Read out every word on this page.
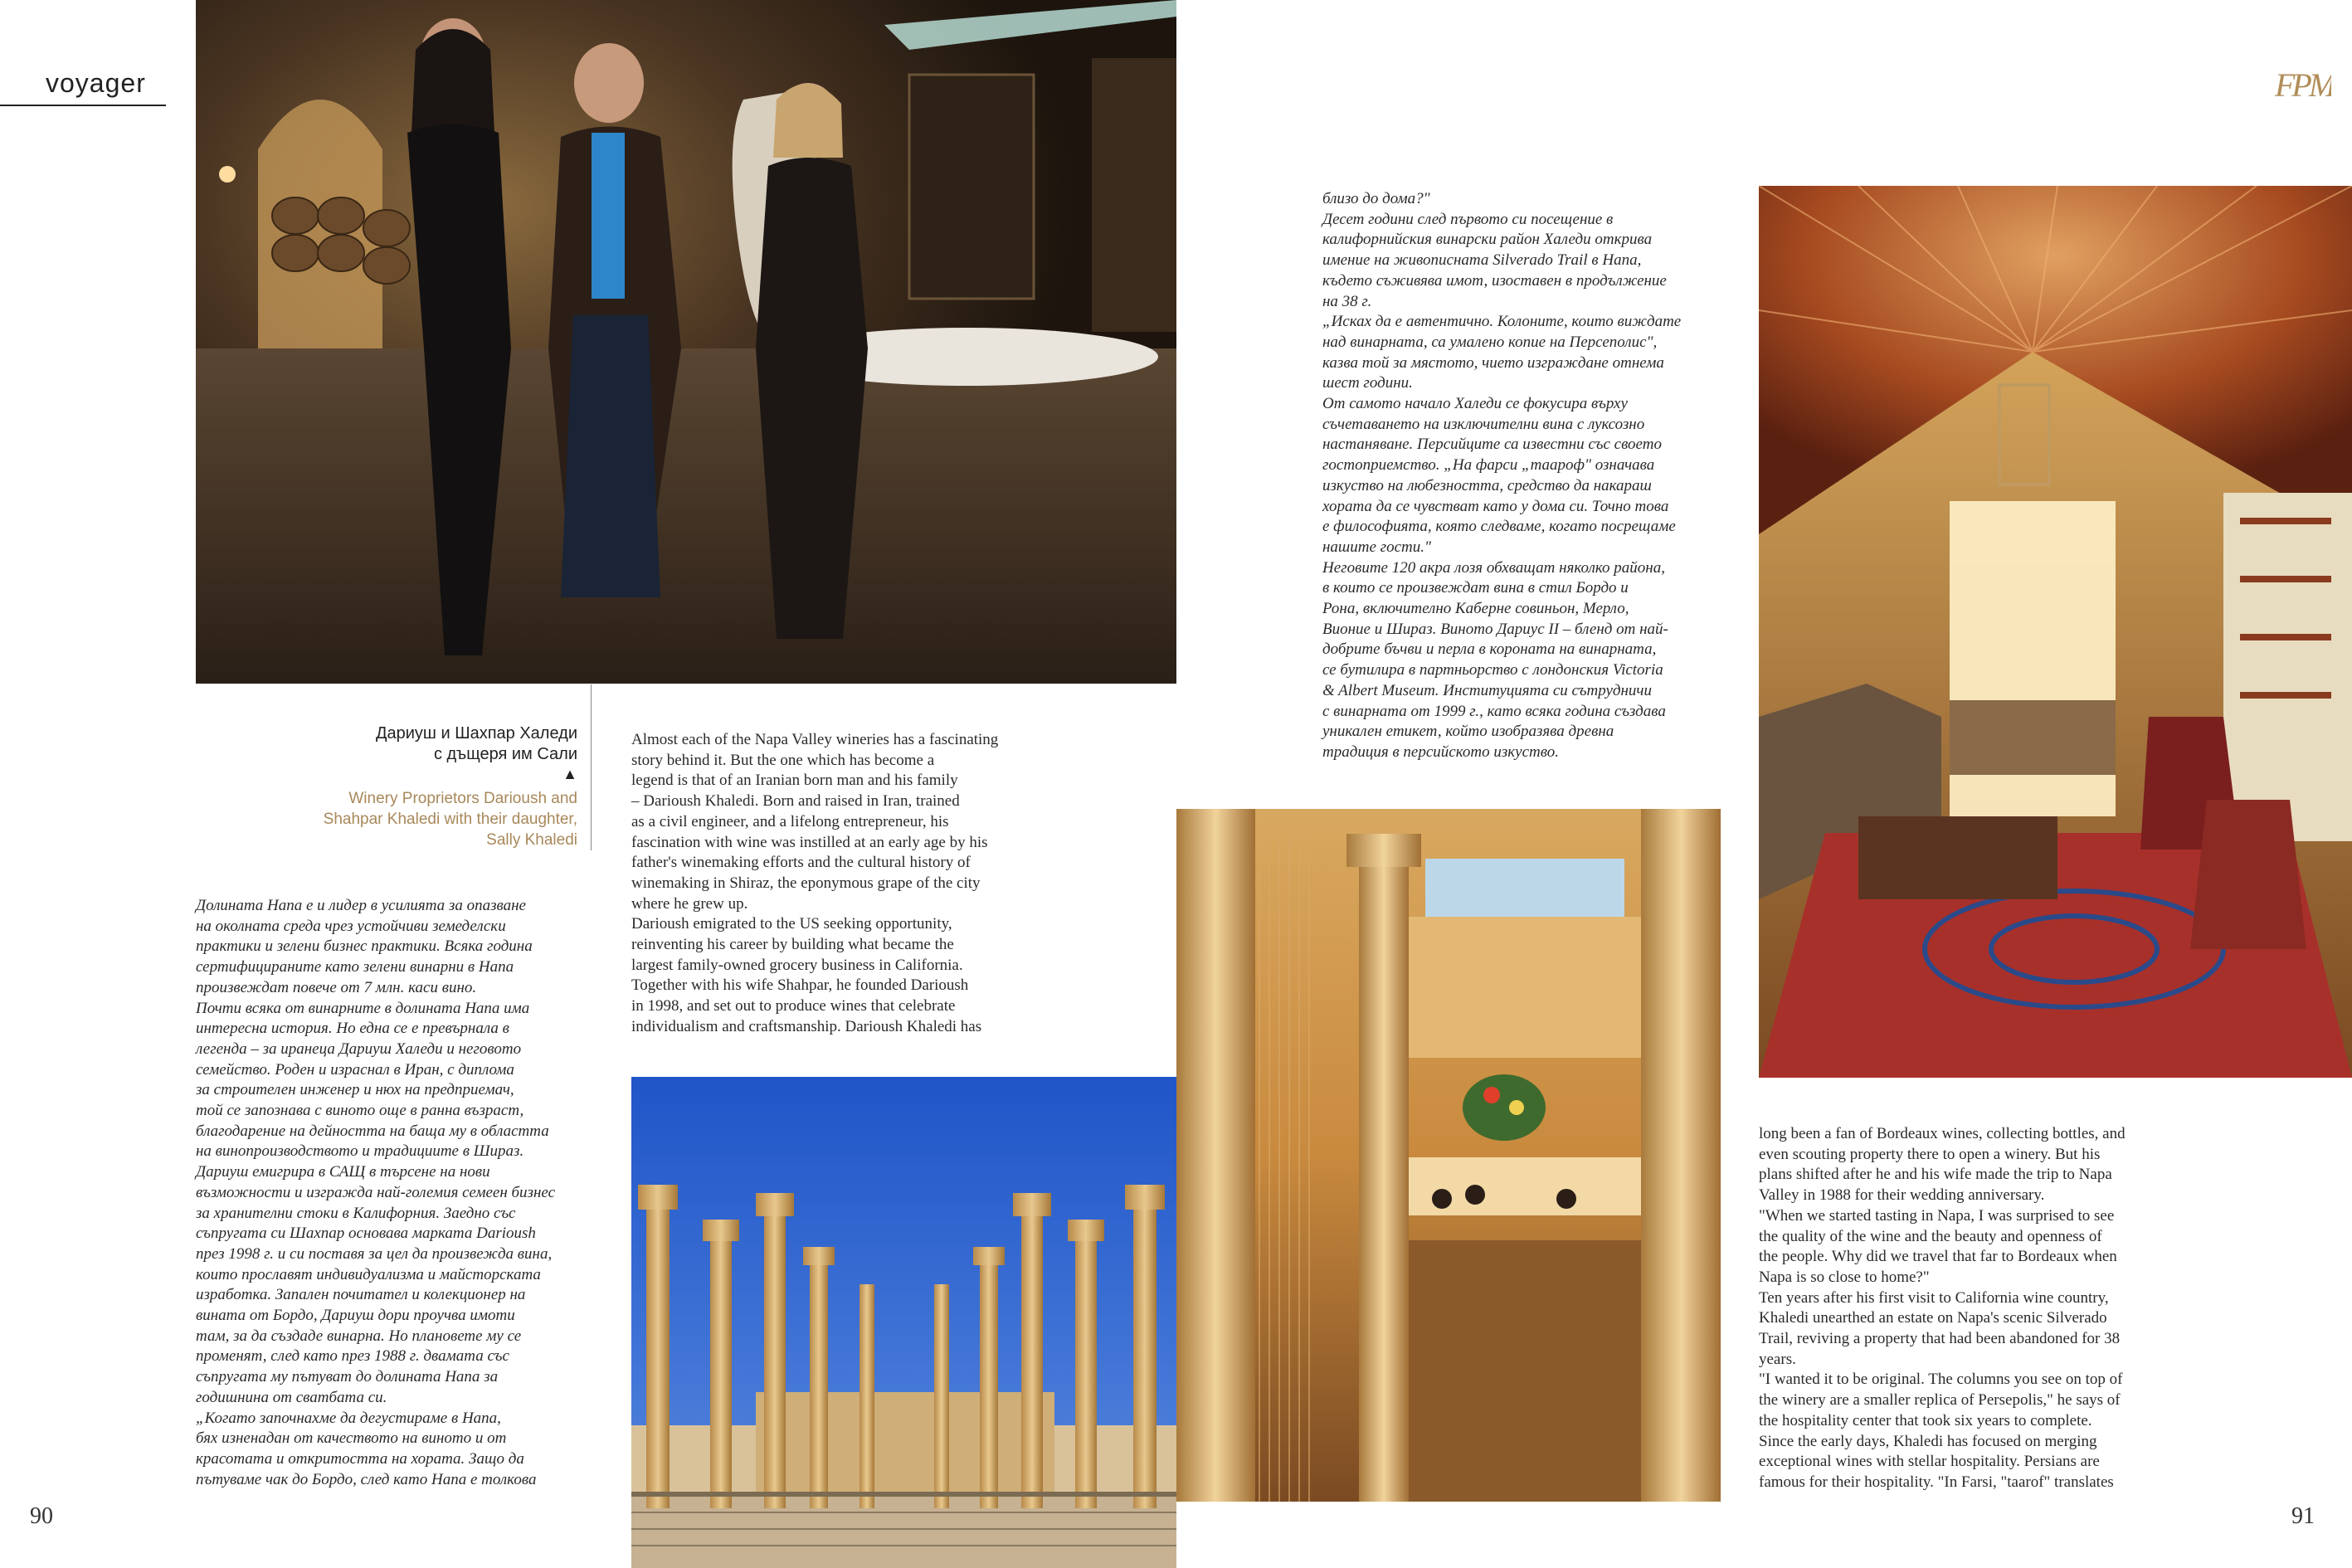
voyager	FPM
Дариуш и Шахпар Халеди
с дъщеря им Сали
▲
Winery Proprietors Darioush and
Shahpar Khaledi with their daughter,
Sally Khaledi

Долината Напа е и лидер в усилията за опазване

на околната среда чрез устойчиви земеделски

практики и зелени бизнес практики. Всяка година

сертифицираните като зелени винарни в Напа

произвеждат повече от 7 млн. каси вино.

Почти всяка от винарните в долината Напа има

интересна история. Но една се е превърнала в

легенда – за иранеца Дариуш Халеди и неговото

семейство. Роден и израснал в Иран, с диплома

за строителен инженер и нюх на предприемач,

той се запознава с виното още в ранна възраст,

благодарение на дейността на баща му в областта

на винопроизводството и традициите в Шираз.

Дариуш емигрира в САЩ в търсене на нови

възможности и изгражда най-големия семеен бизнес

за хранителни стоки в Калифорния. Заедно със

съпругата си Шахпар основава марката Darioush

през 1998 г. и си поставя за цел да произвежда вина,

които прославят индивидуализма и майсторската

изработка. Запален почитател и колекционер на

вината от Бордо, Дариуш дори проучва имоти

там, за да създаде винарна. Но плановете му се

променят, след като през 1988 г. двамата със

съпругата му пътуват до долината Напа за

годишнина от сватбата си.

„Когато започнахме да дегустираме в Напа,

бях изненадан от качеството на виното и от

красотата и откритостта на хората. Защо да

пътуваме чак до Бордо, след като Напа е толкова

Almost each of the Napa Valley wineries has a fascinating

story behind it. But the one which has become a

legend is that of an Iranian born man and his family

– Darioush Khaledi. Born and raised in Iran, trained

as a civil engineer, and a lifelong entrepreneur, his

fascination with wine was instilled at an early age by his

father's winemaking efforts and the cultural history of

winemaking in Shiraz, the eponymous grape of the city

where he grew up.

Darioush emigrated to the US seeking opportunity,

reinventing his career by building what became the

largest family-owned grocery business in California.

Together with his wife Shahpar, he founded Darioush

in 1998, and set out to produce wines that celebrate

individualism and craftsmanship. Darioush Khaledi has

близо до дома?"

Десет години след първото си посещение в

калифорнийския винарски район Халеди открива

имение на живописната Silverado Trail в Напа,

където съживява имот, изоставен в продължение

на 38 г.

„Исках да е автентично. Колоните, които виждате

над винарната, са умалено копие на Персеполис",

казва той за мястото, чието изграждане отнема

шест години.

От самото начало Халеди се фокусира върху

съчетаването на изключителни вина с луксозно

настаняване. Персийците са известни със своето

гостоприемство. „На фарси „таароф" означава

изкуство на любезността, средство да накараш

хората да се чувстват като у дома си. Точно това

е философията, която следваме, когато посрещаме

нашите гости."

Неговите 120 акра лозя обхващат няколко района,

в които се произвеждат вина в стил Бордо и

Рона, включително Каберне совиньон, Мерло,

Вионие и Шираз. Виното Дариус II – бленд от най-

добрите бъчви и перла в короната на винарната,

се бутилира в партньорство с лондонския Victoria

& Albert Museum. Институцията си сътрудничи

с винарната от 1999 г., като всяка година създава

уникален етикет, който изобразява древна

традиция в персийското изкуство.

long been a fan of Bordeaux wines, collecting bottles, and

even scouting property there to open a winery. But his

plans shifted after he and his wife made the trip to Napa

Valley in 1988 for their wedding anniversary.

"When we started tasting in Napa, I was surprised to see

the quality of the wine and the beauty and openness of

the people. Why did we travel that far to Bordeaux when

Napa is so close to home?"

Ten years after his first visit to California wine country,

Khaledi unearthed an estate on Napa's scenic Silverado

Trail, reviving a property that had been abandoned for 38

years.

"I wanted it to be original. The columns you see on top of

the winery are a smaller replica of Persepolis," he says of

the hospitality center that took six years to complete.

Since the early days, Khaledi has focused on merging

exceptional wines with stellar hospitality. Persians are

famous for their hospitality. "In Farsi, "taarof" translates

90	91
